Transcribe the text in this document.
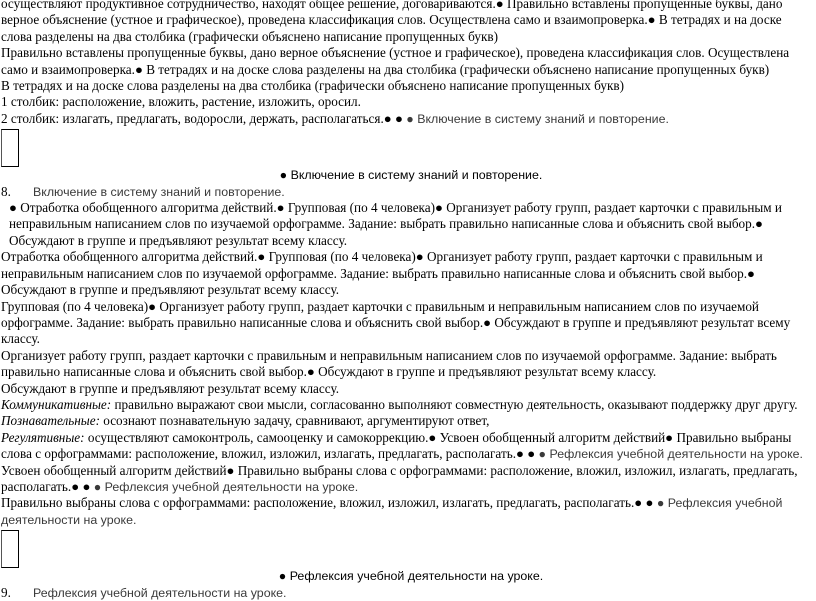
осуществляют продуктивное сотрудничество, находят общее решение, договариваются.● Правильно вставлены пропущенные буквы, дано верное объяснение (устное и графическое), проведена классификация слов. Осуществлена само и взаимопроверка.● В тетрадях и на доске слова разделены на два столбика (графически объяснено написание пропущенных букв)

Правильно вставлены пропущенные буквы, дано верное объяснение (устное и графическое), проведена классификация слов. Осуществлена само и взаимопроверка.● В тетрадях и на доске слова разделены на два столбика (графически объяснено написание пропущенных букв)

В тетрадях и на доске слова разделены на два столбика (графически объяснено написание пропущенных букв)

1 столбик: расположение, вложить, растение, изложить, оросил.

2 столбик: излагать, предлагать, водоросли, держать, располагаться.● ● ● Включение в систему знаний и повторение.

● Включение в систему знаний и повторение.

8.	Включение в систему знаний и повторение.

● Отработка обобщенного алгоритма действий.● Групповая (по 4 человека)● Организует работу групп, раздает карточки с правильным и неправильным написанием слов по изучаемой орфограмме. Задание: выбрать правильно написанные слова и объяснить свой выбор.● Обсуждают в группе и предъявляют результат всему классу.

Отработка обобщенного алгоритма действий.● Групповая (по 4 человека)● Организует работу групп, раздает карточки с правильным и неправильным написанием слов по изучаемой орфограмме. Задание: выбрать правильно написанные слова и объяснить свой выбор.● Обсуждают в группе и предъявляют результат всему классу.

Групповая (по 4 человека)● Организует работу групп, раздает карточки с правильным и неправильным написанием слов по изучаемой орфограмме. Задание: выбрать правильно написанные слова и объяснить свой выбор.● Обсуждают в группе и предъявляют результат всему классу.

Организует работу групп, раздает карточки с правильным и неправильным написанием слов по изучаемой орфограмме. Задание: выбрать правильно написанные слова и объяснить свой выбор.● Обсуждают в группе и предъявляют результат всему классу.

Обсуждают в группе и предъявляют результат всему классу.

Коммуникативные: правильно выражают свои мысли, согласованно выполняют совместную деятельность, оказывают поддержку друг другу.

Познавательные: осознают познавательную задачу, сравнивают, аргументируют ответ,

Регулятивные: осуществляют самоконтроль, самооценку и самокоррекцию.● Усвоен обобщенный алгоритм действий● Правильно выбраны слова с орфограммами: расположение, вложил, изложил, излагать, предлагать, располагать.● ● ● Рефлексия учебной деятельности на уроке.

Усвоен обобщенный алгоритм действий● Правильно выбраны слова с орфограммами: расположение, вложил, изложил, излагать, предлагать, располагать.● ● ● Рефлексия учебной деятельности на уроке.

Правильно выбраны слова с орфограммами: расположение, вложил, изложил, излагать, предлагать, располагать.● ● ● Рефлексия учебной деятельности на уроке.

● Рефлексия учебной деятельности на уроке.

9.	Рефлексия учебной деятельности на уроке.
